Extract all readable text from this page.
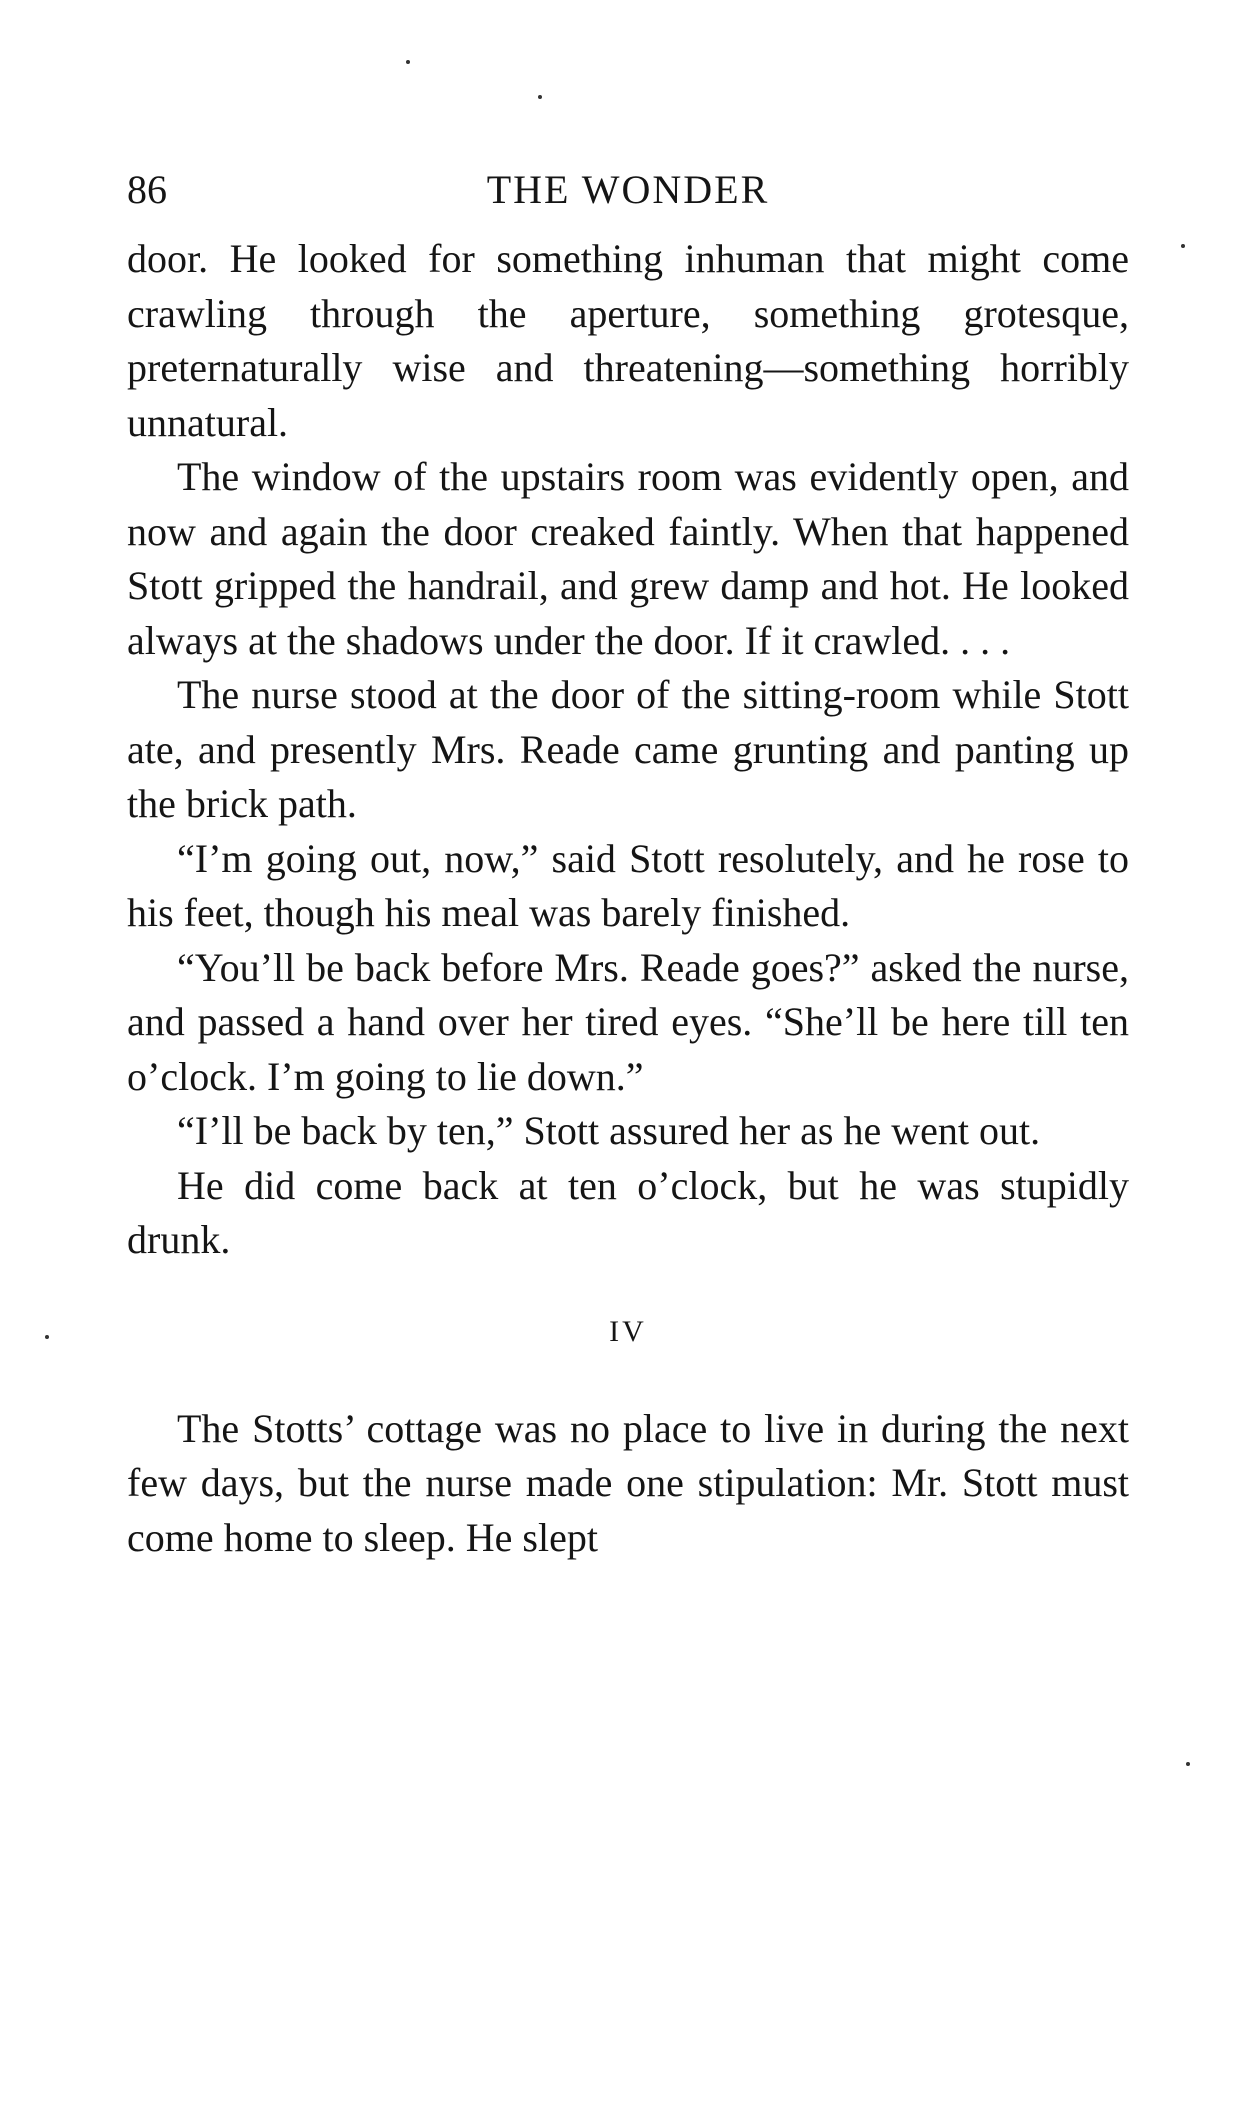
86	THE WONDER

door. He looked for something inhuman that might come crawling through the aperture, something grotesque, preternaturally wise and threatening—something horribly unnatural.

The window of the upstairs room was evidently open, and now and again the door creaked faintly. When that happened Stott gripped the handrail, and grew damp and hot. He looked always at the shadows under the door. If it crawled. . . .

The nurse stood at the door of the sitting-room while Stott ate, and presently Mrs. Reade came grunting and panting up the brick path.

“I’m going out, now,” said Stott resolutely, and he rose to his feet, though his meal was barely finished.

“You’ll be back before Mrs. Reade goes?” asked the nurse, and passed a hand over her tired eyes. “She’ll be here till ten o’clock. I’m going to lie down.”

“I’ll be back by ten,” Stott assured her as he went out.

He did come back at ten o’clock, but he was stupidly drunk.

IV

The Stotts’ cottage was no place to live in during the next few days, but the nurse made one stipulation: Mr. Stott must come home to sleep. He slept
